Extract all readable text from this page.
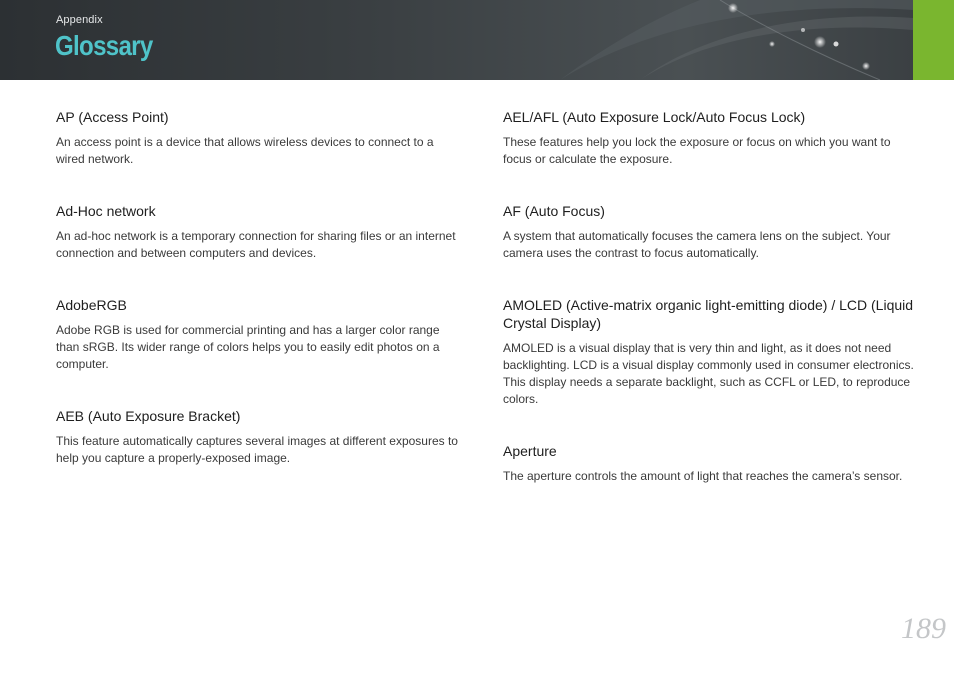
Appendix
Glossary
AP (Access Point)

An access point is a device that allows wireless devices to connect to a wired network.

Ad-Hoc network

An ad-hoc network is a temporary connection for sharing files or an internet connection and between computers and devices.

AdobeRGB

Adobe RGB is used for commercial printing and has a larger color range than sRGB. Its wider range of colors helps you to easily edit photos on a computer.

AEB (Auto Exposure Bracket)

This feature automatically captures several images at different exposures to help you capture a properly-exposed image.

AEL/AFL (Auto Exposure Lock/Auto Focus Lock)

These features help you lock the exposure or focus on which you want to focus or calculate the exposure.

AF (Auto Focus)

A system that automatically focuses the camera lens on the subject. Your camera uses the contrast to focus automatically.

AMOLED (Active-matrix organic light-emitting diode) / LCD (Liquid Crystal Display)

AMOLED is a visual display that is very thin and light, as it does not need backlighting. LCD is a visual display commonly used in consumer electronics. This display needs a separate backlight, such as CCFL or LED, to reproduce colors.

Aperture

The aperture controls the amount of light that reaches the camera’s sensor.

189
